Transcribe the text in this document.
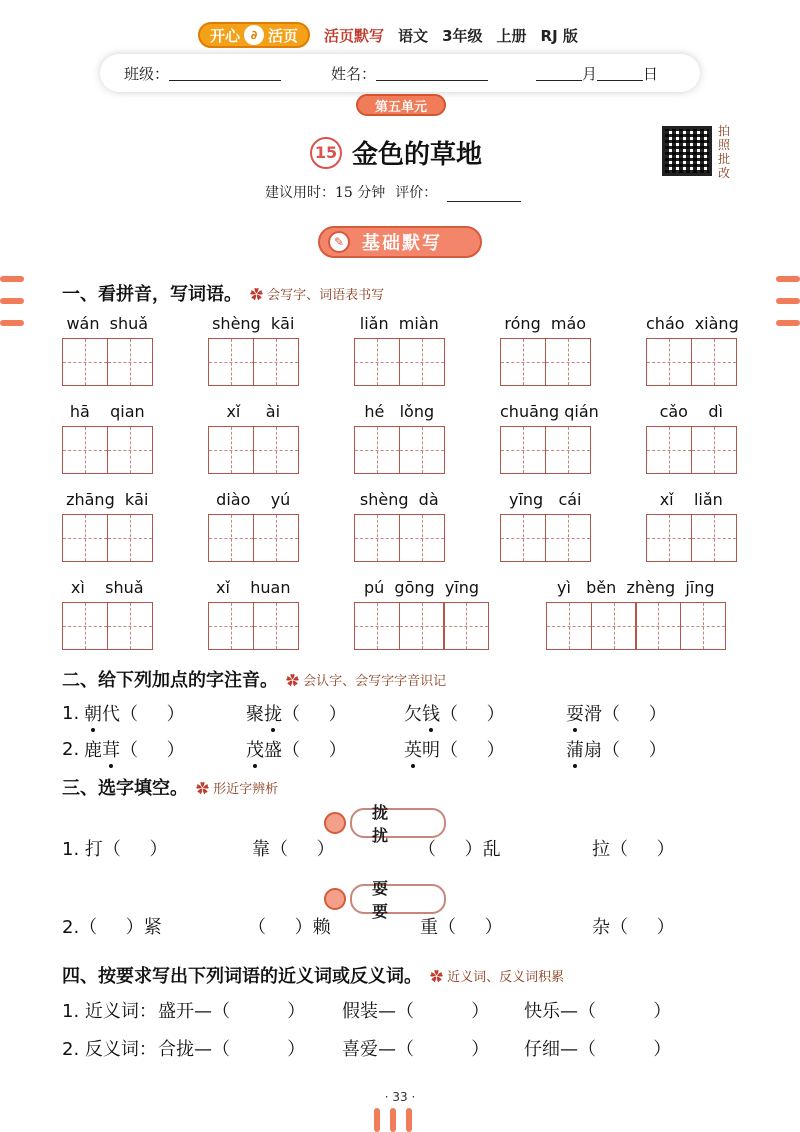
开心 ∂ 活页 活页默写 语文 3年级 上册 RJ 版
班级：	姓名：	月	日
第五单元
15 金色的草地
拍
照
批
改
建议用时：15 分钟 评价：
✎ 基础默写
一、看拼音，写词语。	✿ 会写字、词语表书写
wán  shuǎ	shèng  kāi	liǎn  miàn	róng  máo	cháo  xiàng
hā    qian	xǐ     ài	hé   lǒng	chuāng qián	cǎo    dì
zhāng  kāi	diào    yú	shèng  dà	yīng   cái	xǐ    liǎn
xì    shuǎ	xǐ    huan	pú  gōng  yīng	yì   běn  zhèng  jīng
二、给下列加点的字注音。	✿ 会认字、会写字字音识记
1. 朝代（     ）	聚拢（     ）	欠钱（     ）	耍滑（     ）
2. 鹿茸（     ）	茂盛（     ）	英明（     ）	蒲扇（     ）
三、选字填空。	✿ 形近字辨析
拢 扰
1. 打（     ）	靠（     ）	（     ）乱	拉（     ）
耍 要
2.（     ）紧	（     ）赖	重（     ）	杂（     ）
四、按要求写出下列词语的近义词或反义词。	✿ 近义词、反义词积累
1. 近义词： 盛开—（          ） 假装—（          ） 快乐—（          ）
2. 反义词： 合拢—（          ） 喜爱—（          ） 仔细—（          ）
· 33 ·
